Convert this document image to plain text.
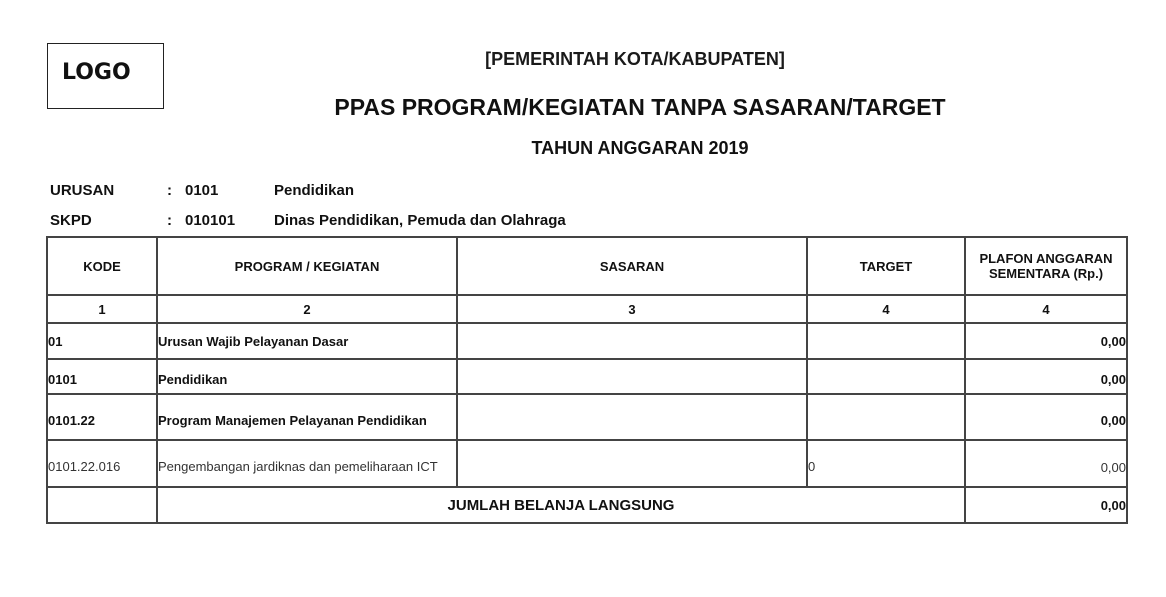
LOGO
[PEMERINTAH KOTA/KABUPATEN]
PPAS PROGRAM/KEGIATAN TANPA SASARAN/TARGET
TAHUN ANGGARAN 2019
URUSAN	: 0101	Pendidikan
SKPD	: 010101	Dinas Pendidikan, Pemuda dan Olahraga
KODE	PROGRAM / KEGIATAN	SASARAN	TARGET	PLAFON ANGGARAN SEMENTARA (Rp.)
1	2	3	4	4
01	Urusan Wajib Pelayanan Dasar			0,00
0101	Pendidikan			0,00
0101.22	Program Manajemen Pelayanan Pendidikan			0,00
0101.22.016	Pengembangan jardiknas dan pemeliharaan ICT		0	0,00
	JUMLAH BELANJA LANGSUNG			0,00
